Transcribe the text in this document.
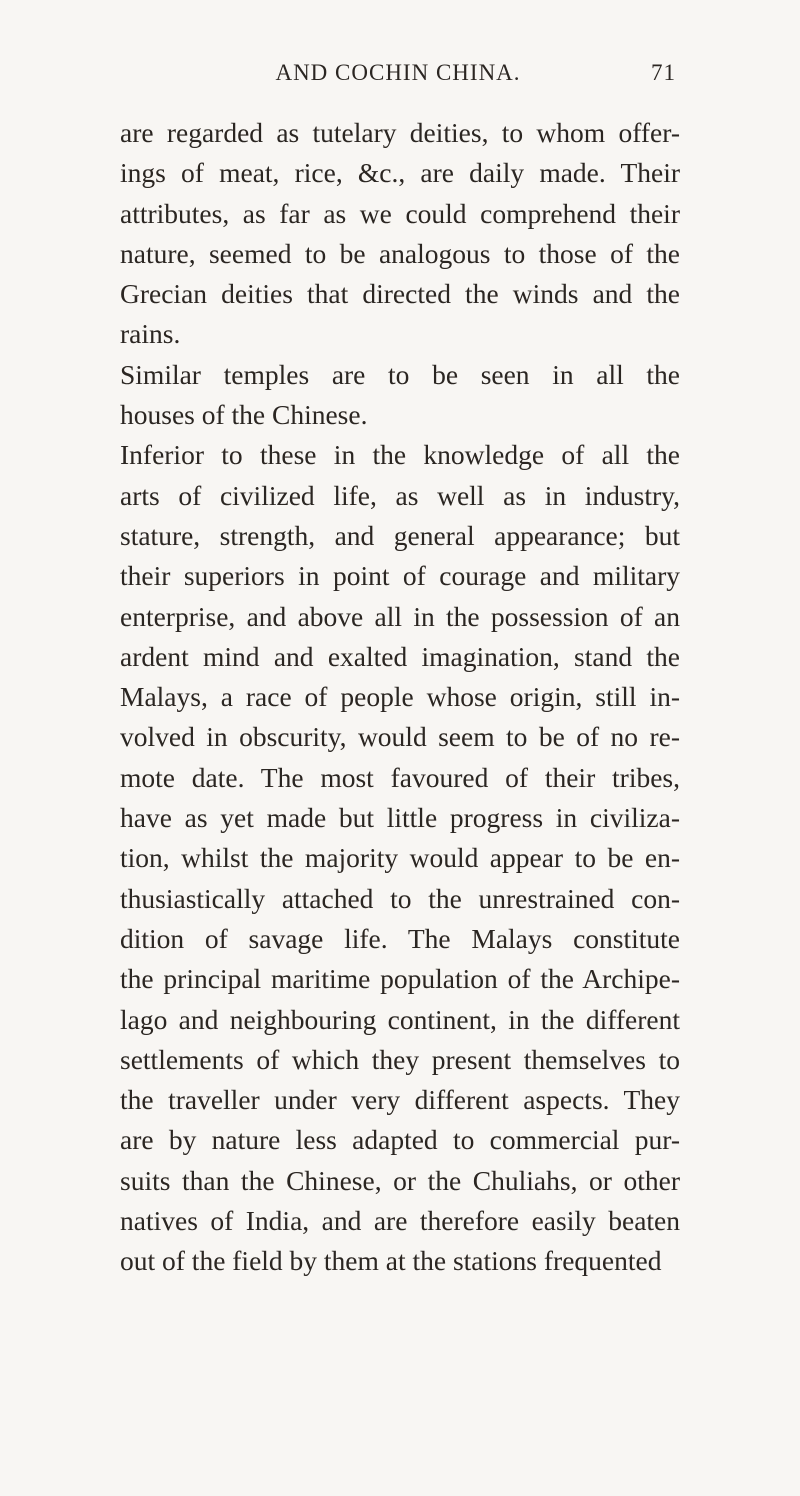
AND COCHIN CHINA.	71
are regarded as tutelary deities, to whom offer-
ings of meat, rice, &c., are daily made. Their
attributes, as far as we could comprehend their
nature, seemed to be analogous to those of the
Grecian deities that directed the winds and the
rains.
Similar temples are to be seen in all the
houses of the Chinese.
Inferior to these in the knowledge of all the
arts of civilized life, as well as in industry,
stature, strength, and general appearance; but
their superiors in point of courage and military
enterprise, and above all in the possession of an
ardent mind and exalted imagination, stand the
Malays, a race of people whose origin, still in-
volved in obscurity, would seem to be of no re-
mote date. The most favoured of their tribes,
have as yet made but little progress in civiliza-
tion, whilst the majority would appear to be en-
thusiastically attached to the unrestrained con-
dition of savage life. The Malays constitute
the principal maritime population of the Archipe-
lago and neighbouring continent, in the different
settlements of which they present themselves to
the traveller under very different aspects. They
are by nature less adapted to commercial pur-
suits than the Chinese, or the Chuliahs, or other
natives of India, and are therefore easily beaten
out of the field by them at the stations frequented
